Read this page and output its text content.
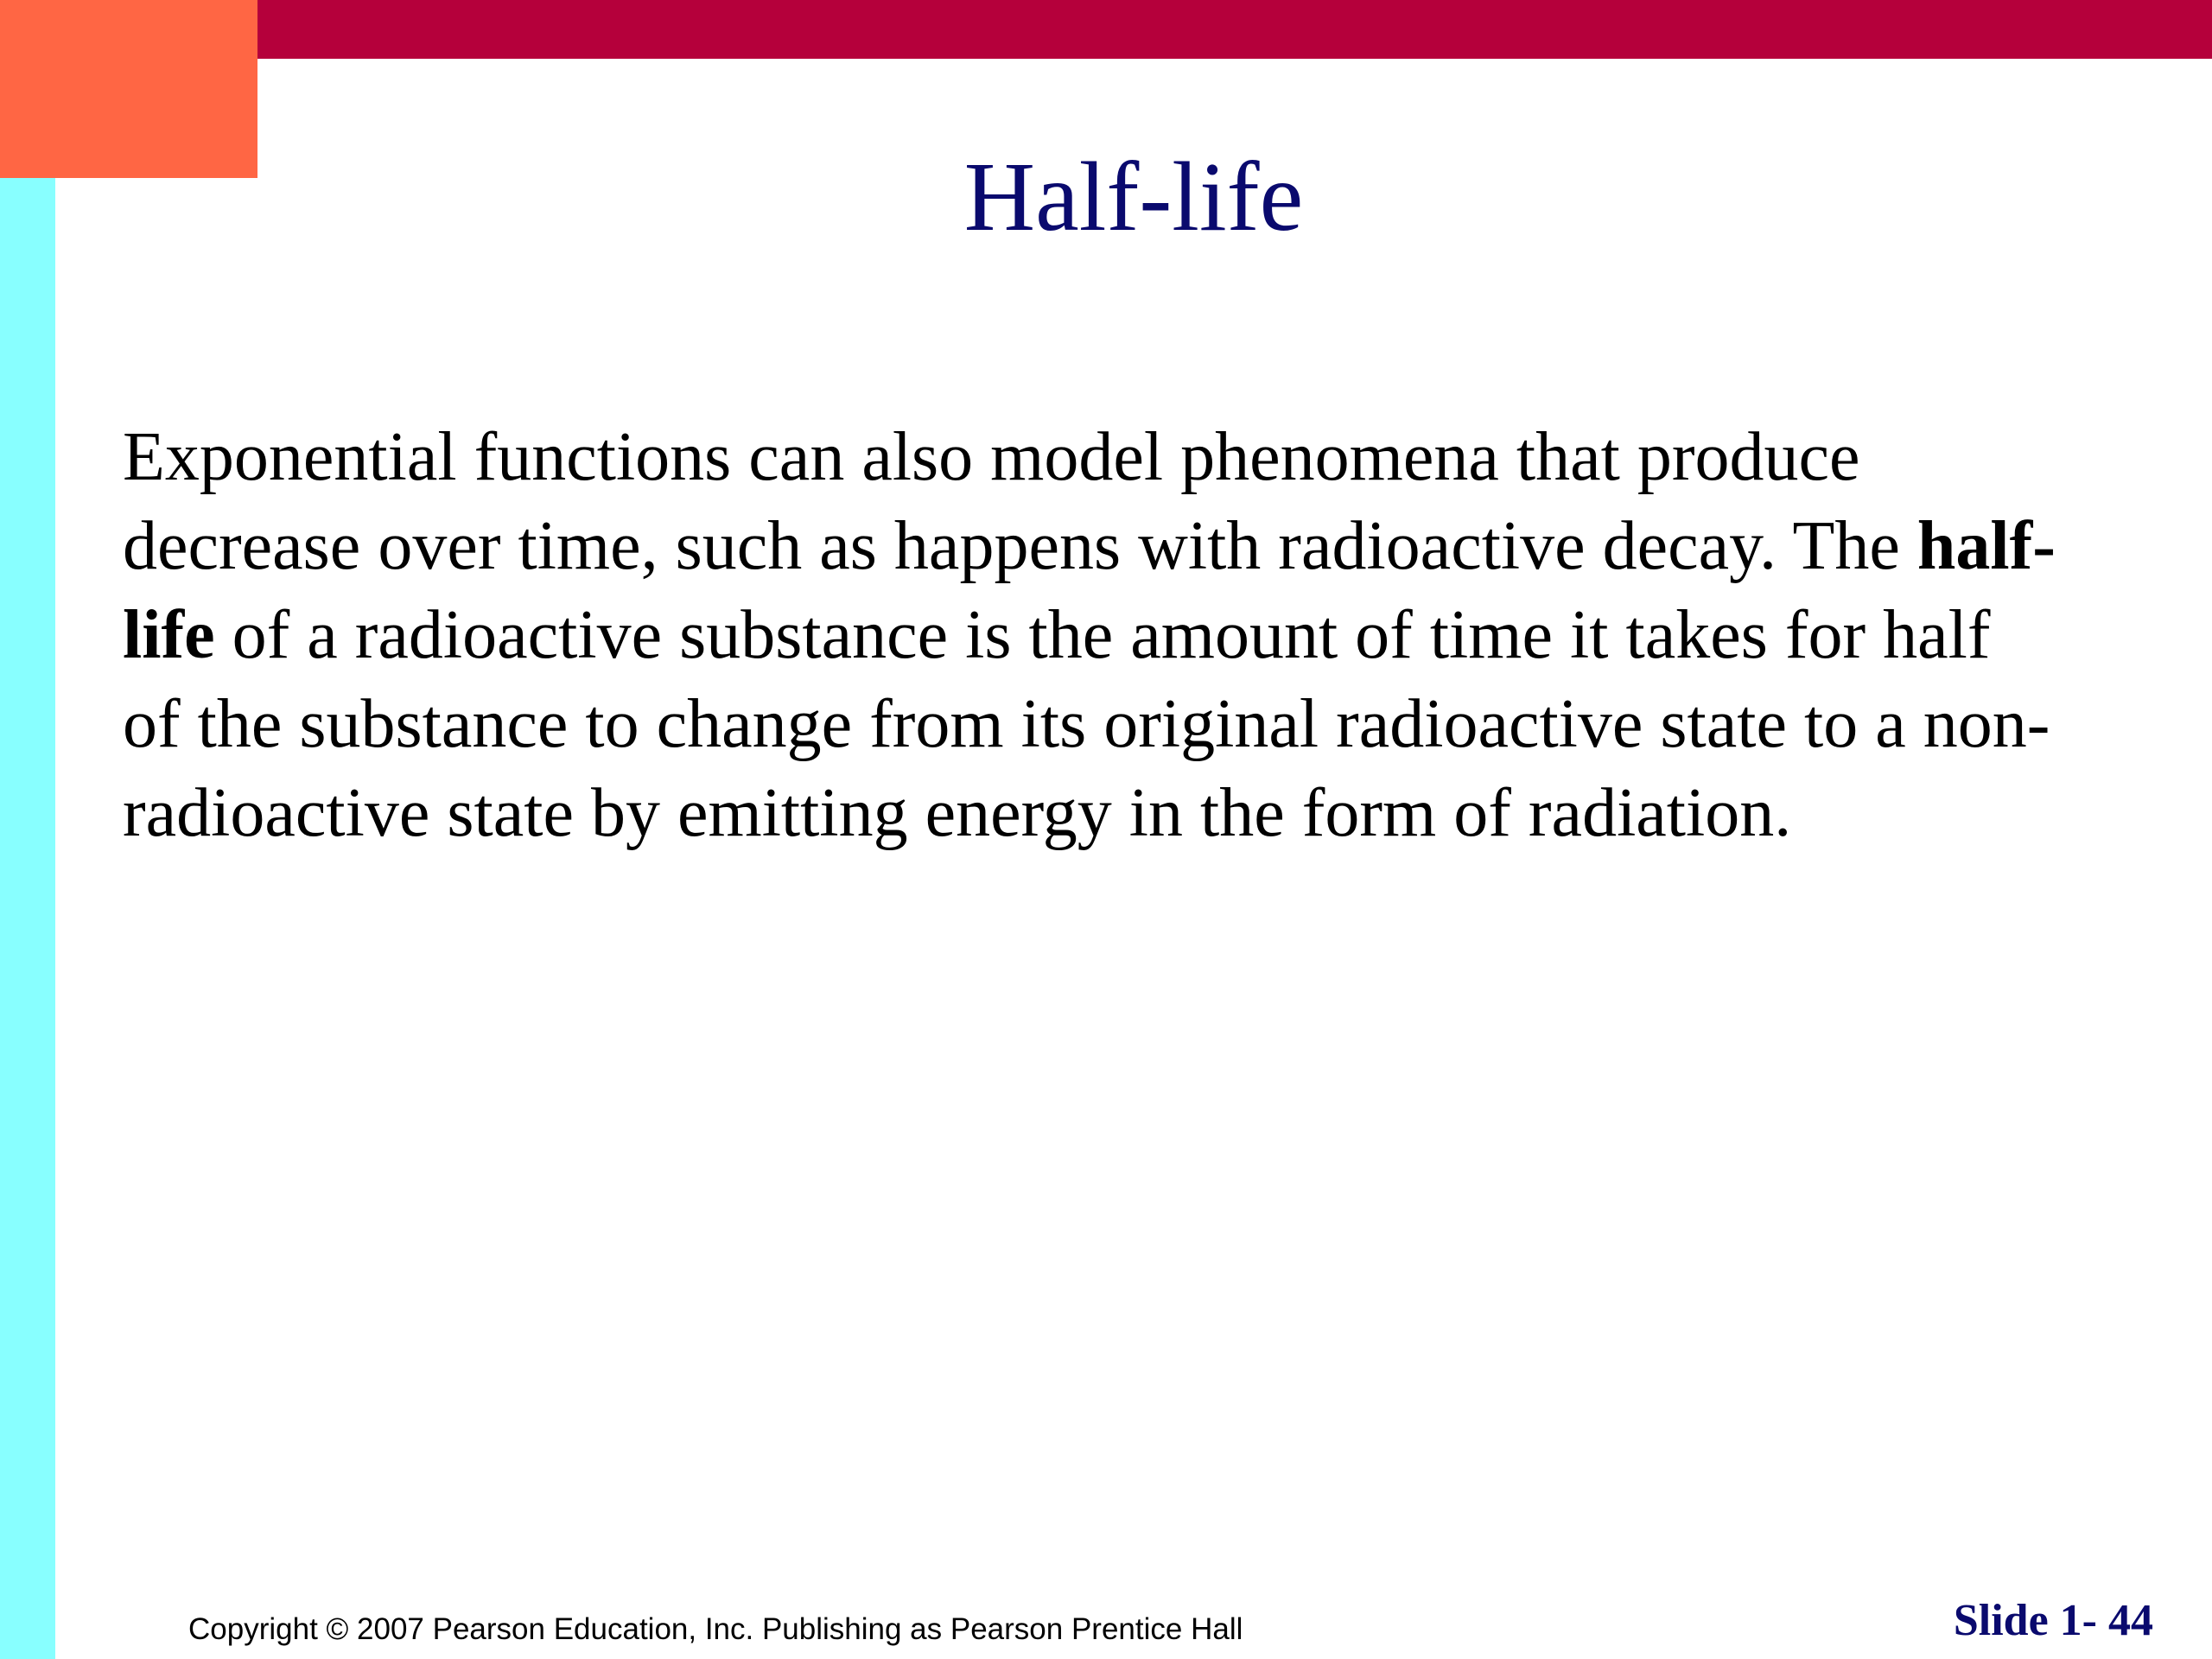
Half-life

Exponential functions can also model phenomena that produce decrease over time, such as happens with radioactive decay. The half-life of a radioactive substance is the amount of time it takes for half of the substance to change from its original radioactive state to a non-radioactive state by emitting energy in the form of radiation.

Copyright © 2007 Pearson Education, Inc. Publishing as Pearson Prentice Hall	Slide 1- 44
